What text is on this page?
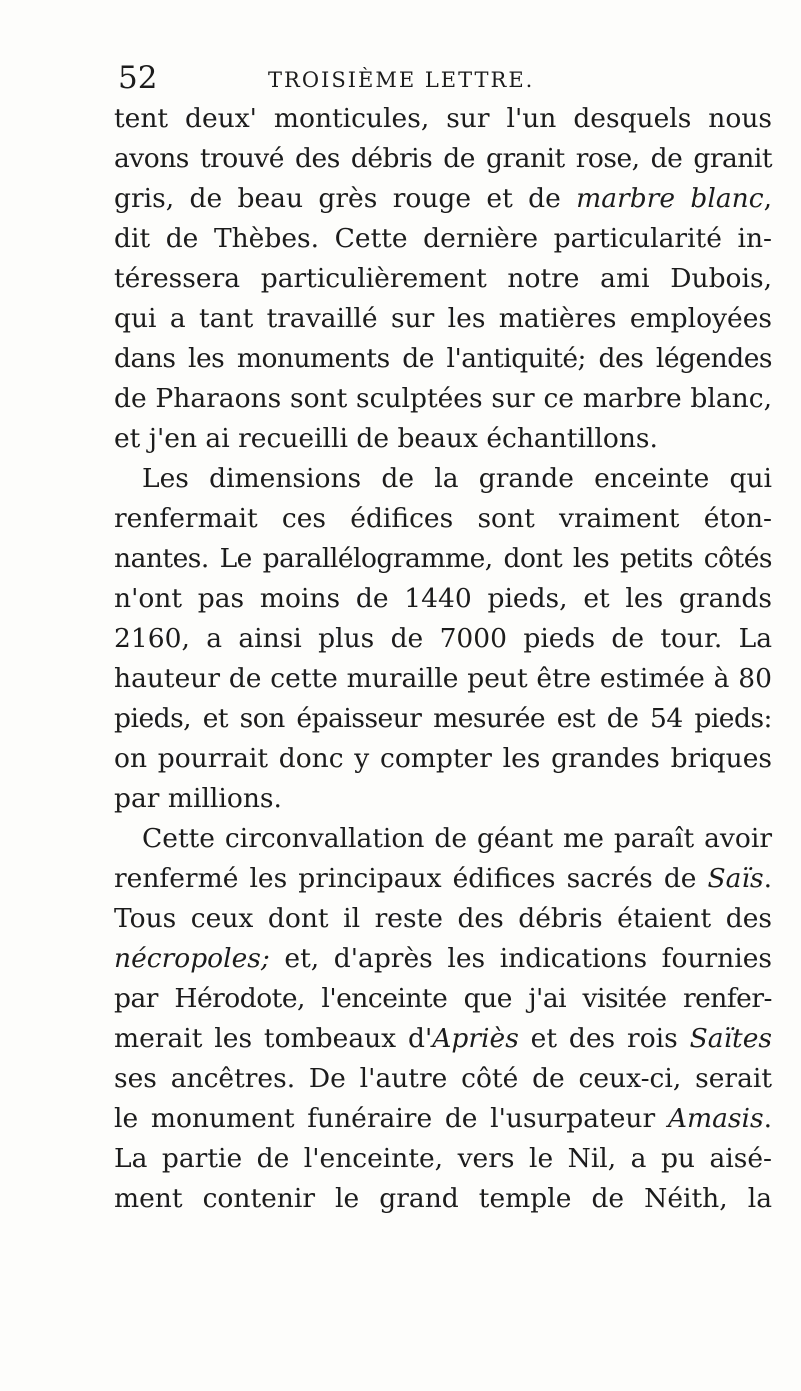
52	TROISIÈME LETTRE.
tent deux' monticules, sur l'un desquels nous
avons trouvé des débris de granit rose, de granit
gris, de beau grès rouge et de marbre blanc,
dit de Thèbes. Cette dernière particularité in-
téressera particulièrement notre ami Dubois,
qui a tant travaillé sur les matières employées
dans les monuments de l'antiquité; des légendes
de Pharaons sont sculptées sur ce marbre blanc,
et j'en ai recueilli de beaux échantillons.
Les dimensions de la grande enceinte qui
renfermait ces édifices sont vraiment éton-
nantes. Le parallélogramme, dont les petits côtés
n'ont pas moins de 1440 pieds, et les grands
2160, a ainsi plus de 7000 pieds de tour. La
hauteur de cette muraille peut être estimée à 80
pieds, et son épaisseur mesurée est de 54 pieds:
on pourrait donc y compter les grandes briques
par millions.
Cette circonvallation de géant me paraît avoir
renfermé les principaux édifices sacrés de Saïs.
Tous ceux dont il reste des débris étaient des
nécropoles; et, d'après les indications fournies
par Hérodote, l'enceinte que j'ai visitée renfer-
merait les tombeaux d'Apriès et des rois Saïtes
ses ancêtres. De l'autre côté de ceux-ci, serait
le monument funéraire de l'usurpateur Amasis.
La partie de l'enceinte, vers le Nil, a pu aisé-
ment contenir le grand temple de Néith, la
